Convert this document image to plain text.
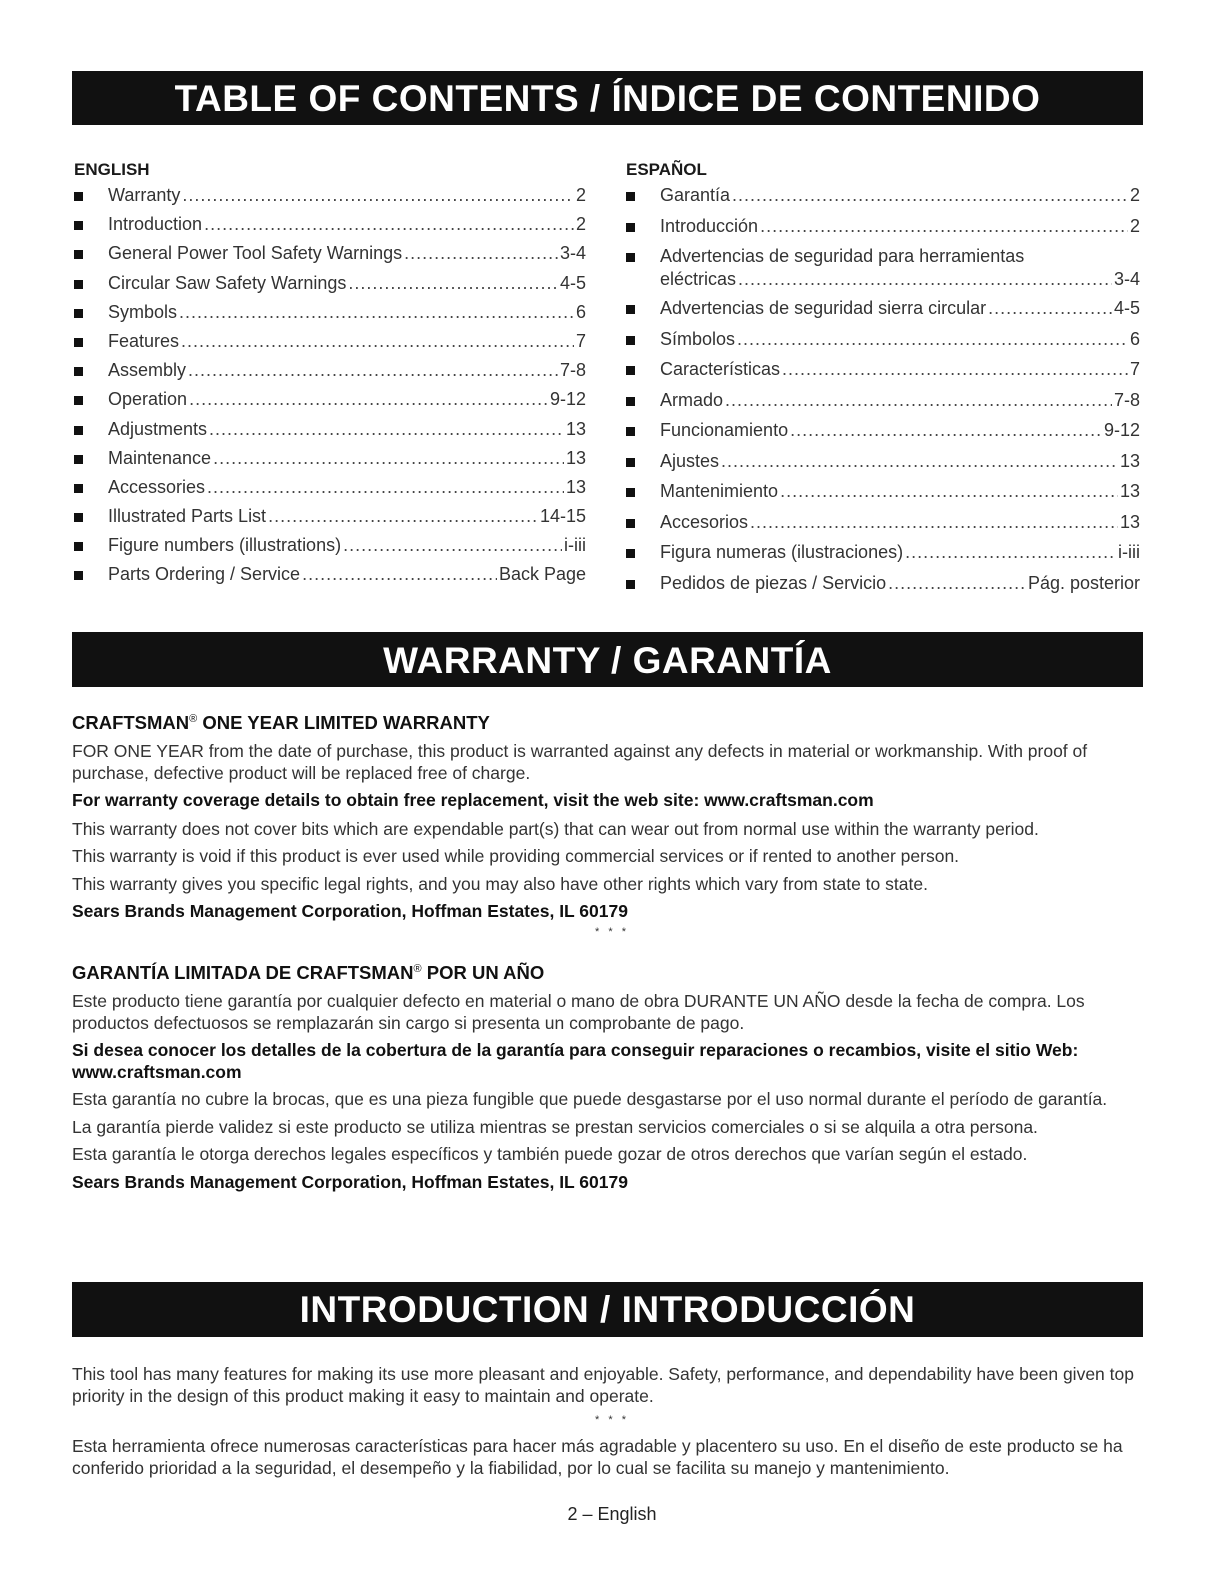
TABLE OF CONTENTS / ÍNDICE DE CONTENIDO
ENGLISH
Warranty .....	2
Introduction .....	2
General Power Tool Safety Warnings .....	3-4
Circular Saw Safety Warnings .....	4-5
Symbols .....	6
Features .....	7
Assembly .....	7-8
Operation .....	9-12
Adjustments .....	13
Maintenance .....	13
Accessories .....	13
Illustrated Parts List .....	14-15
Figure numbers (illustrations) .....	i-iii
Parts Ordering / Service .....	Back Page
ESPAÑOL
Garantía .....	2
Introducción .....	2
Advertencias de seguridad para herramientas
eléctricas .....	3-4
Advertencias de seguridad sierra circular .....	4-5
Símbolos .....	6
Características .....	7
Armado .....	7-8
Funcionamiento .....	9-12
Ajustes .....	13
Mantenimiento .....	13
Accesorios .....	13
Figura numeras (ilustraciones) .....	i-iii
Pedidos de piezas / Servicio .....	Pág. posterior
WARRANTY / GARANTÍA
CRAFTSMAN® ONE YEAR LIMITED WARRANTY
FOR ONE YEAR from the date of purchase, this product is warranted against any defects in material or workmanship. With proof of purchase, defective product will be replaced free of charge.
For warranty coverage details to obtain free replacement, visit the web site: www.craftsman.com
This warranty does not cover bits which are expendable part(s) that can wear out from normal use within the warranty period.
This warranty is void if this product is ever used while providing commercial services or if rented to another person.
This warranty gives you specific legal rights, and you may also have other rights which vary from state to state.
Sears Brands Management Corporation, Hoffman Estates, IL 60179
* * *
GARANTÍA LIMITADA DE CRAFTSMAN® POR UN AÑO
Este producto tiene garantía por cualquier defecto en material o mano de obra DURANTE UN AÑO desde la fecha de compra. Los productos defectuosos se remplazarán sin cargo si presenta un comprobante de pago.
Si desea conocer los detalles de la cobertura de la garantía para conseguir reparaciones o recambios, visite el sitio Web: www.craftsman.com
Esta garantía no cubre la brocas, que es una pieza fungible que puede desgastarse por el uso normal durante el período de garantía.
La garantía pierde validez si este producto se utiliza mientras se prestan servicios comerciales o si se alquila a otra persona.
Esta garantía le otorga derechos legales específicos y también puede gozar de otros derechos que varían según el estado.
Sears Brands Management Corporation, Hoffman Estates, IL 60179
INTRODUCTION / INTRODUCCIÓN
This tool has many features for making its use more pleasant and enjoyable. Safety, performance, and dependability have been given top priority in the design of this product making it easy to maintain and operate.
* * *
Esta herramienta ofrece numerosas características para hacer más agradable y placentero su uso. En el diseño de este producto se ha conferido prioridad a la seguridad, el desempeño y la fiabilidad, por lo cual se facilita su manejo y mantenimiento.
2 – English
